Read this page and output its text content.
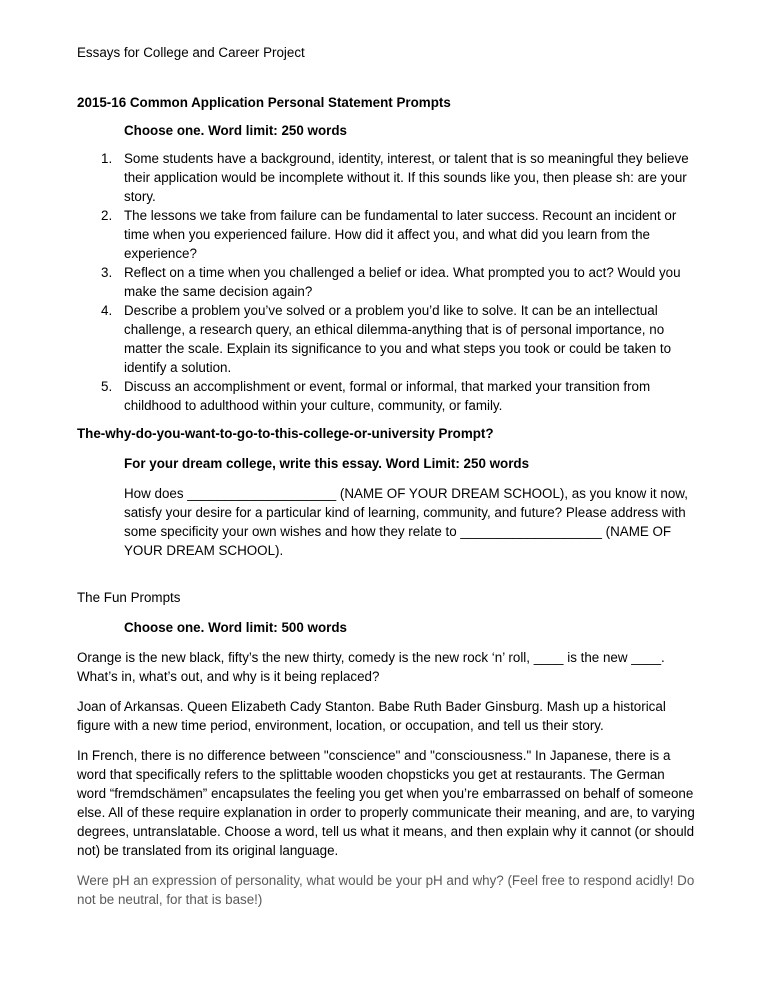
Essays for College and Career Project

2015-16 Common Application Personal Statement Prompts

Choose one. Word limit: 250 words

1. Some students have a background, identity, interest, or talent that is so meaningful they believe their application would be incomplete without it. If this sounds like you, then please sh: are your story.
2. The lessons we take from failure can be fundamental to later success. Recount an incident or time when you experienced failure. How did it affect you, and what did you learn from the experience?
3. Reflect on a time when you challenged a belief or idea. What prompted you to act? Would you make the same decision again?
4. Describe a problem you’ve solved or a problem you’d like to solve. It can be an intellectual challenge, a research query, an ethical dilemma-anything that is of personal importance, no matter the scale. Explain its significance to you and what steps you took or could be taken to identify a solution.
5. Discuss an accomplishment or event, formal or informal, that marked your transition from childhood to adulthood within your culture, community, or family.

The-why-do-you-want-to-go-to-this-college-or-university Prompt?

For your dream college, write this essay. Word Limit: 250 words

How does ____________________ (NAME OF YOUR DREAM SCHOOL), as you know it now, satisfy your desire for a particular kind of learning, community, and future? Please address with some specificity your own wishes and how they relate to ___________________ (NAME OF YOUR DREAM SCHOOL).

The Fun Prompts

Choose one. Word limit: 500 words

Orange is the new black, fifty’s the new thirty, comedy is the new rock ‘n’ roll, ____ is the new ____. What’s in, what’s out, and why is it being replaced?

Joan of Arkansas. Queen Elizabeth Cady Stanton. Babe Ruth Bader Ginsburg. Mash up a historical figure with a new time period, environment, location, or occupation, and tell us their story.

In French, there is no difference between "conscience" and "consciousness." In Japanese, there is a word that specifically refers to the splittable wooden chopsticks you get at restaurants. The German word “fremdschämen” encapsulates the feeling you get when you’re embarrassed on behalf of someone else. All of these require explanation in order to properly communicate their meaning, and are, to varying degrees, untranslatable. Choose a word, tell us what it means, and then explain why it cannot (or should not) be translated from its original language.

Were pH an expression of personality, what would be your pH and why? (Feel free to respond acidly! Do not be neutral, for that is base!)
